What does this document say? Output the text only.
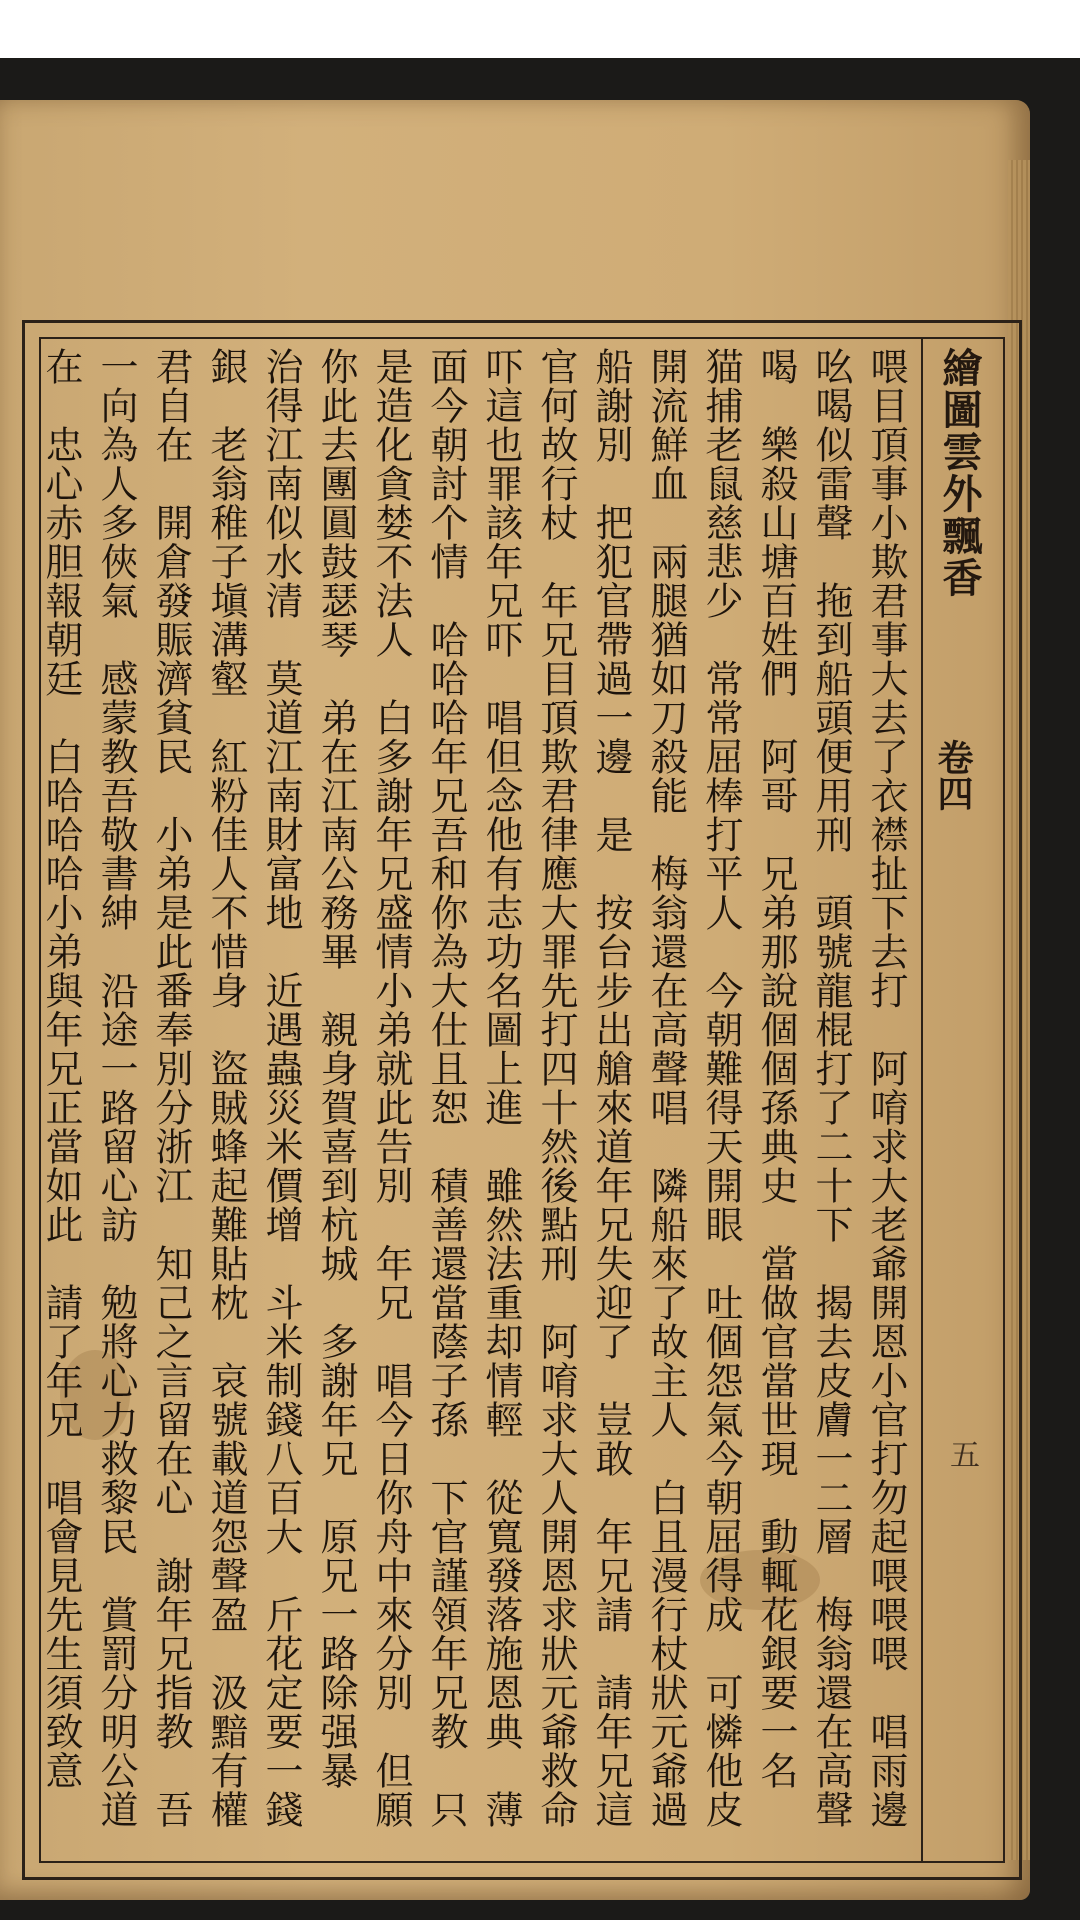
繪圖雲外飄香
卷四
五
喂目頂事小欺君事大去了衣襟扯下去打　阿唷求大老爺開恩小官打勿起喂喂喂　唱雨邊
吆喝似雷聲　拖到船頭便用刑　頭號龍棍打了二十下　揭去皮膚一二層　梅翁還在高聲
喝　樂殺山塘百姓們　阿哥　兄弟那說個個孫典史　當做官當世現　動輒花銀要一名
猫捕老鼠慈悲少　常常屈棒打平人　今朝難得天開眼　吐個怨氣今朝屈得成　可憐他皮
開流鮮血　兩腿猶如刀殺能　梅翁還在高聲唱　隣船來了故主人　白且漫行杖狀元爺過
船謝別　把犯官帶過一邊　是　按台步出艙來道年兄失迎了　豈敢　年兄請　請年兄這
官何故行杖　年兄目頂欺君律應大罪先打四十然後點刑　阿唷求大人開恩求狀元爺救命
吓這也罪該年兄吓　唱但念他有志功名圖上進　雖然法重却情輕　從寬發落施恩典　薄
面今朝討个情　哈哈哈年兄吾和你為大仕且恕　積善還當蔭子孫　下官謹領年兄教　只
是造化貪婪不法人　白多謝年兄盛情小弟就此告別　年兄　唱今日你舟中來分別　但願
你此去團圓鼓瑟琴　弟在江南公務畢　親身賀喜到杭城　多謝年兄　原兄一路除强暴
治得江南似水清　莫道江南財富地　近遇蟲災米價增　斗米制錢八百大　斤花定要一錢
銀　老翁稚子塡溝壑　紅粉佳人不惜身　盜賊蜂起難貼枕　哀號載道怨聲盈　汲黯有權
君自在　開倉發賑濟貧民　小弟是此番奉別分浙江　知己之言留在心　謝年兄指教　吾
一向為人多俠氣　感蒙教吾敬書紳　沿途一路留心訪　勉將心力救黎民　賞罰分明公道
在　忠心赤胆報朝廷　白哈哈哈小弟與年兄正當如此　請了年兄　唱會見先生須致意
